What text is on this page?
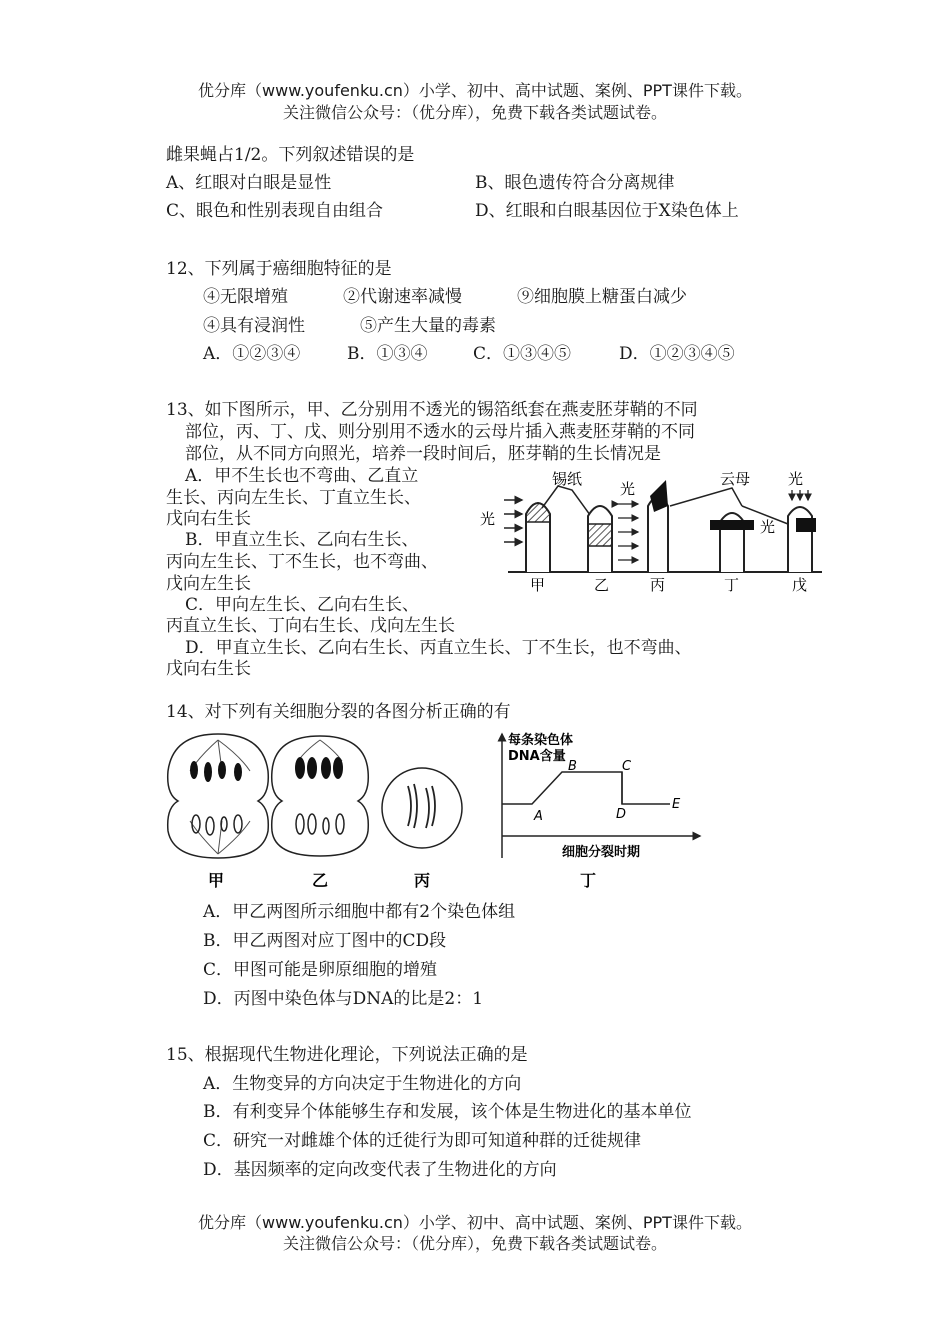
优分库（www.youfenku.cn）小学、初中、高中试题、案例、PPT课件下载。
关注微信公众号：（优分库），免费下载各类试题试卷。
雌果蝇占1/2。下列叙述错误的是
A、红眼对白眼是显性	B、眼色遗传符合分离规律
C、眼色和性别表现自由组合	D、红眼和白眼基因位于X染色体上
12、下列属于癌细胞特征的是
④无限增殖	②代谢速率减慢	⑨细胞膜上糖蛋白减少
④具有浸润性	⑤产生大量的毒素
A．①②③④	B．①③④	C．①③④⑤	D．①②③④⑤
13、如下图所示，甲、乙分别用不透光的锡箔纸套在燕麦胚芽鞘的不同
部位，丙、丁、戊、则分别用不透水的云母片插入燕麦胚芽鞘的不同
部位，从不同方向照光，培养一段时间后，胚芽鞘的生长情况是
A．甲不生长也不弯曲、乙直立
生长、丙向左生长、丁直立生长、
戊向右生长
B．甲直立生长、乙向右生长、
丙向左生长、丁不生长，也不弯曲、
戊向左生长
C．甲向左生长、乙向右生长、
丙直立生长、丁向右生长、戊向左生长
D．甲直立生长、乙向右生长、丙直立生长、丁不生长，也不弯曲、
戊向右生长
光
锡纸
光
云母	光
光
甲	乙	丙	丁	戊
14、对下列有关细胞分裂的各图分析正确的有
每条染色体
DNA含量
细胞分裂时期
A
B	C
D
E
甲	乙	丙	丁
A．甲乙两图所示细胞中都有2个染色体组
B．甲乙两图对应丁图中的CD段
C．甲图可能是卵原细胞的增殖
D．丙图中染色体与DNA的比是2：1
15、根据现代生物进化理论，下列说法正确的是
A．生物变异的方向决定于生物进化的方向
B．有利变异个体能够生存和发展，该个体是生物进化的基本单位
C．研究一对雌雄个体的迁徙行为即可知道种群的迁徙规律
D．基因频率的定向改变代表了生物进化的方向
优分库（www.youfenku.cn）小学、初中、高中试题、案例、PPT课件下载。
关注微信公众号：（优分库），免费下载各类试题试卷。
